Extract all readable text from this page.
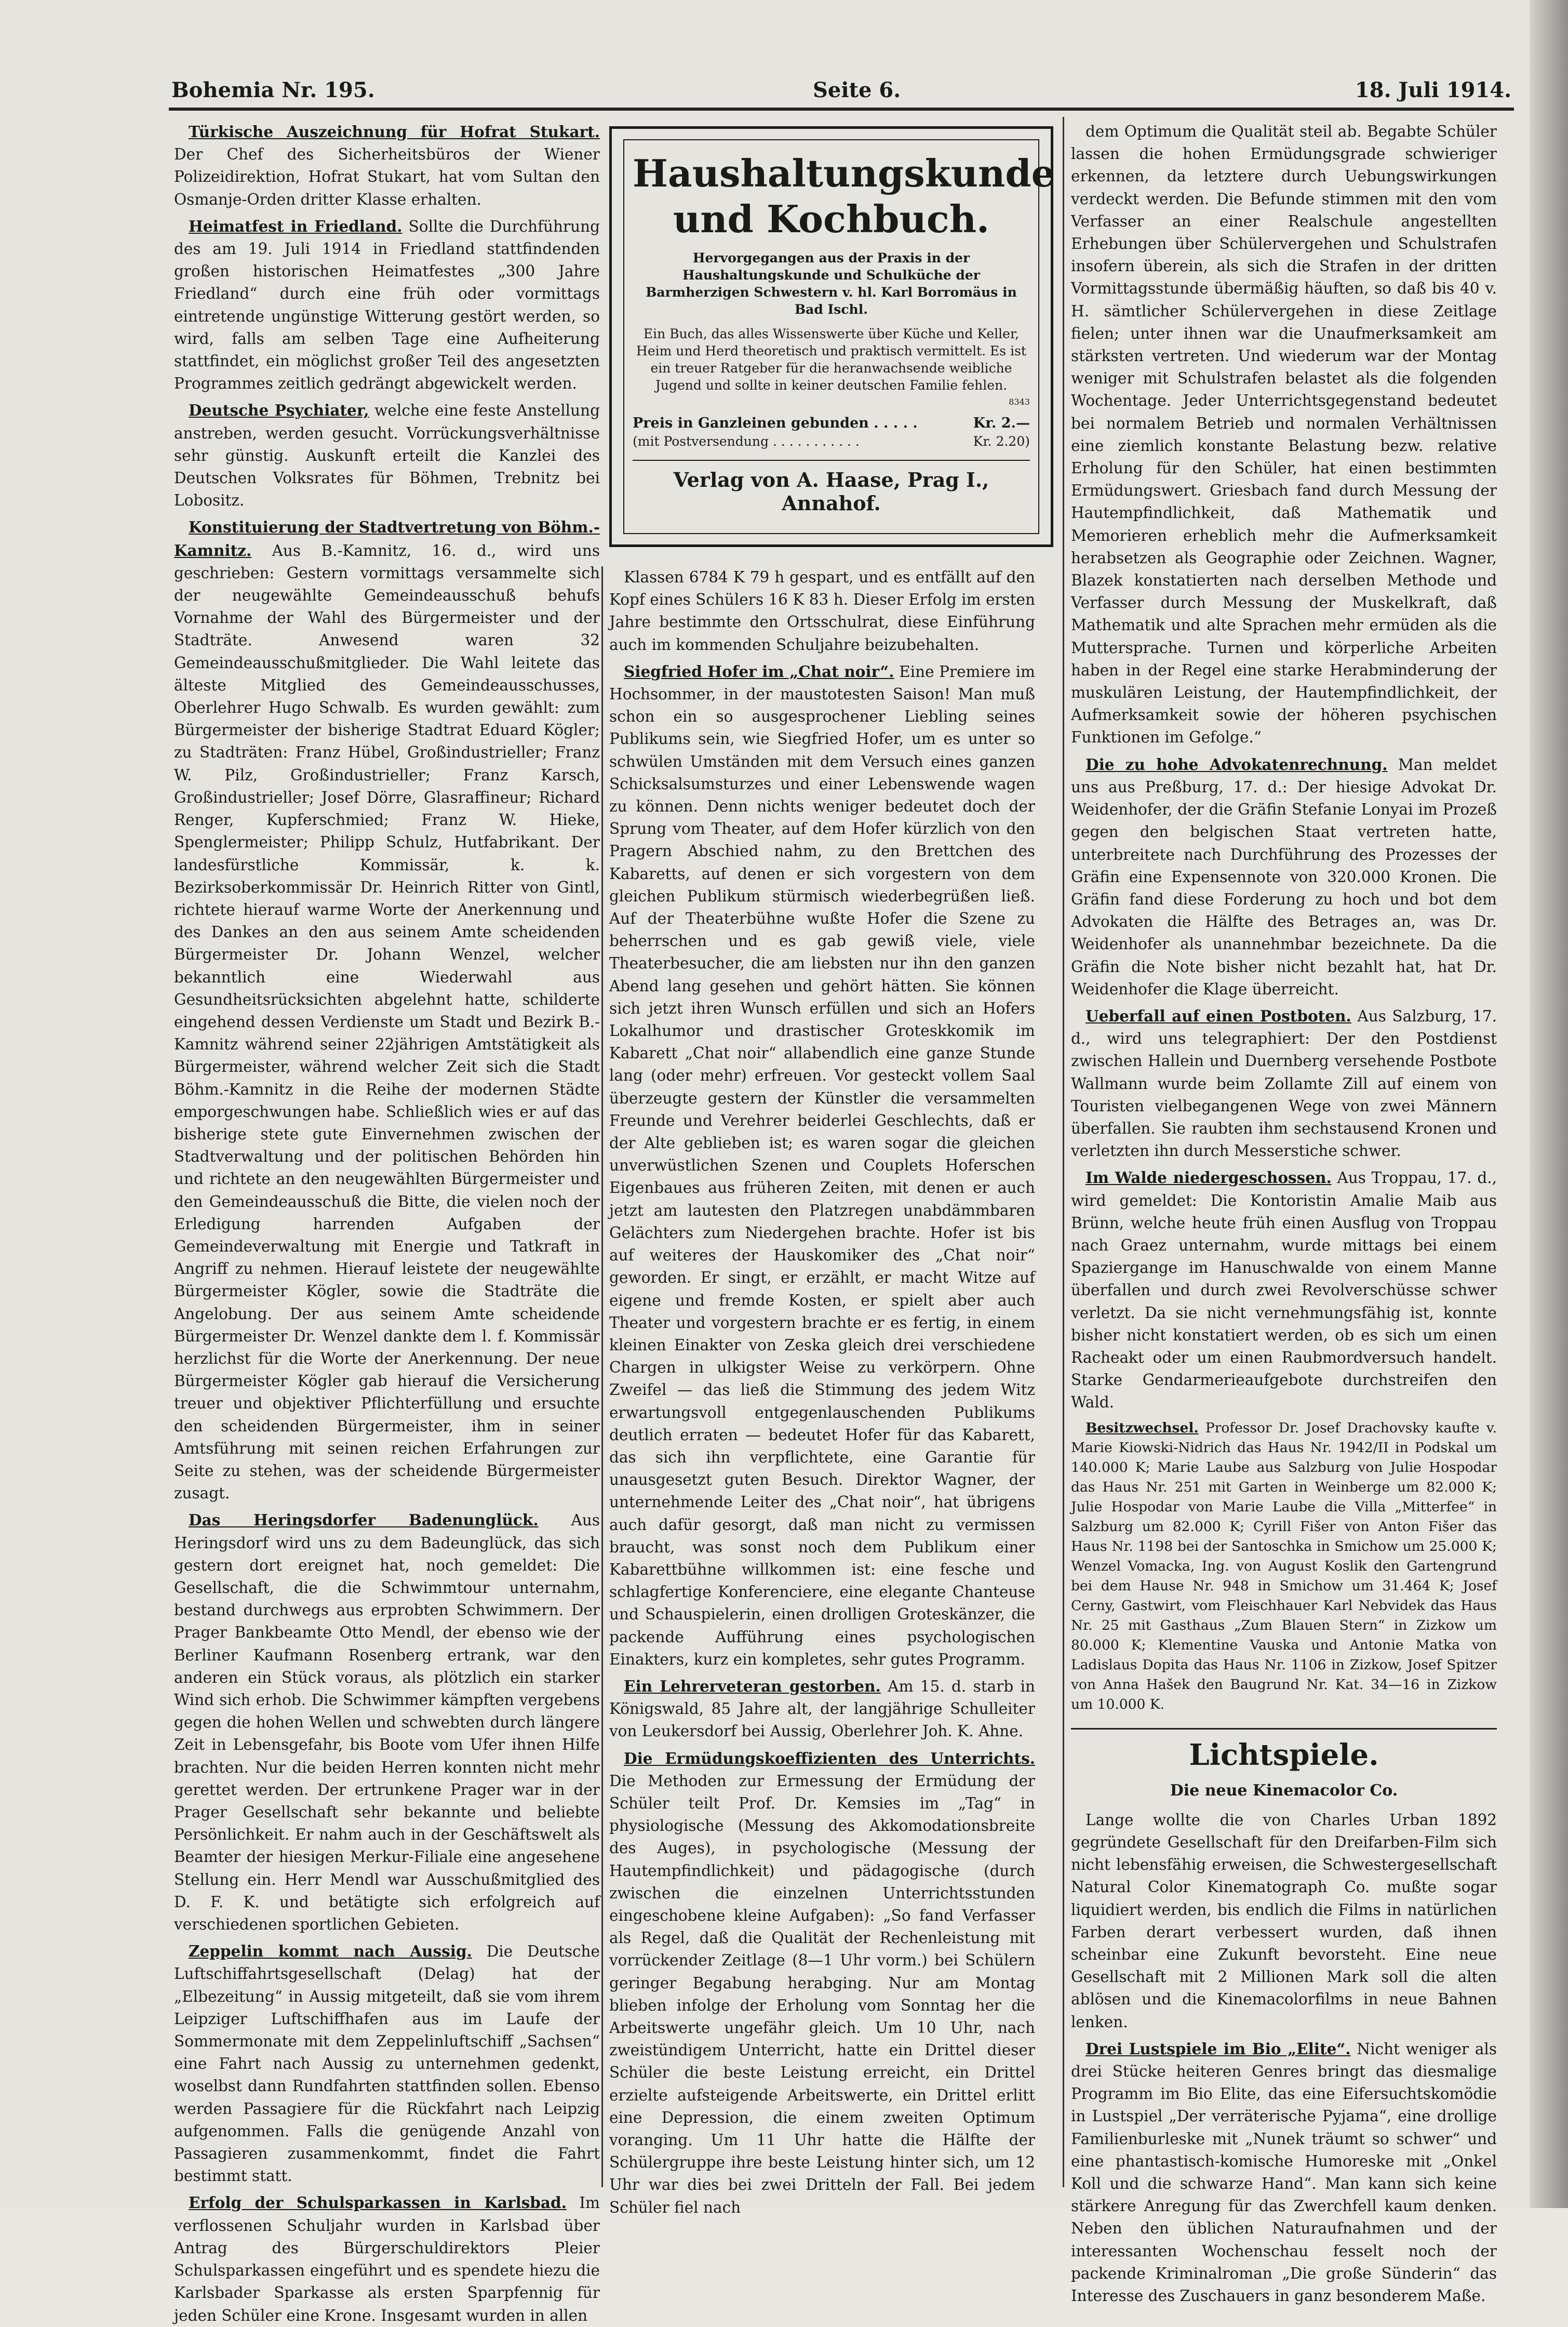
Bohemia Nr. 195.	Seite 6.	18. Juli 1914.

Türkische Auszeichnung für Hofrat Stukart. Der Chef des Sicherheitsbüros der Wiener Polizeidirektion, Hofrat Stukart, hat vom Sultan den Osmanje-Orden dritter Klasse erhalten.

Heimatfest in Friedland. Sollte die Durchführung des am 19. Juli 1914 in Friedland stattfindenden großen historischen Heimatfestes „300 Jahre Friedland“ durch eine früh oder vormittags eintretende ungünstige Witterung gestört werden, so wird, falls am selben Tage eine Aufheiterung stattfindet, ein möglichst großer Teil des angesetzten Programmes zeitlich gedrängt abgewickelt werden.

Deutsche Psychiater, welche eine feste Anstellung anstreben, werden gesucht. Vorrückungsverhältnisse sehr günstig. Auskunft erteilt die Kanzlei des Deutschen Volksrates für Böhmen, Trebnitz bei Lobositz.

Konstituierung der Stadtvertretung von Böhm.-Kamnitz. Aus B.-Kamnitz, 16. d., wird uns geschrieben: Gestern vormittags versammelte sich der neugewählte Gemeindeausschuß behufs Vornahme der Wahl des Bürgermeister und der Stadträte. Anwesend waren 32 Gemeindeausschußmitglieder. Die Wahl leitete das älteste Mitglied des Gemeindeausschusses, Oberlehrer Hugo Schwalb. Es wurden gewählt: zum Bürgermeister der bisherige Stadtrat Eduard Kögler; zu Stadträten: Franz Hübel, Großindustrieller; Franz W. Pilz, Großindustrieller; Franz Karsch, Großindustrieller; Josef Dörre, Glasraffineur; Richard Renger, Kupferschmied; Franz W. Hieke, Spenglermeister; Philipp Schulz, Hutfabrikant. Der landesfürstliche Kommissär, k. k. Bezirksoberkommissär Dr. Heinrich Ritter von Gintl, richtete hierauf warme Worte der Anerkennung und des Dankes an den aus seinem Amte scheidenden Bürgermeister Dr. Johann Wenzel, welcher bekanntlich eine Wiederwahl aus Gesundheitsrücksichten abgelehnt hatte, schilderte eingehend dessen Verdienste um Stadt und Bezirk B.-Kamnitz während seiner 22jährigen Amtstätigkeit als Bürgermeister, während welcher Zeit sich die Stadt Böhm.-Kamnitz in die Reihe der modernen Städte emporgeschwungen habe. Schließlich wies er auf das bisherige stete gute Einvernehmen zwischen der Stadtverwaltung und der politischen Behörden hin und richtete an den neugewählten Bürgermeister und den Gemeindeausschuß die Bitte, die vielen noch der Erledigung harrenden Aufgaben der Gemeindeverwaltung mit Energie und Tatkraft in Angriff zu nehmen. Hierauf leistete der neugewählte Bürgermeister Kögler, sowie die Stadträte die Angelobung. Der aus seinem Amte scheidende Bürgermeister Dr. Wenzel dankte dem l. f. Kommissär herzlichst für die Worte der Anerkennung. Der neue Bürgermeister Kögler gab hierauf die Versicherung treuer und objektiver Pflichterfüllung und ersuchte den scheidenden Bürgermeister, ihm in seiner Amtsführung mit seinen reichen Erfahrungen zur Seite zu stehen, was der scheidende Bürgermeister zusagt.

Das Heringsdorfer Badenunglück. Aus Heringsdorf wird uns zu dem Badeunglück, das sich gestern dort ereignet hat, noch gemeldet: Die Gesellschaft, die die Schwimmtour unternahm, bestand durchwegs aus erprobten Schwimmern. Der Prager Bankbeamte Otto Mendl, der ebenso wie der Berliner Kaufmann Rosenberg ertrank, war den anderen ein Stück voraus, als plötzlich ein starker Wind sich erhob. Die Schwimmer kämpften vergebens gegen die hohen Wellen und schwebten durch längere Zeit in Lebensgefahr, bis Boote vom Ufer ihnen Hilfe brachten. Nur die beiden Herren konnten nicht mehr gerettet werden. Der ertrunkene Prager war in der Prager Gesellschaft sehr bekannte und beliebte Persönlichkeit. Er nahm auch in der Geschäftswelt als Beamter der hiesigen Merkur-Filiale eine angesehene Stellung ein. Herr Mendl war Ausschußmitglied des D. F. K. und betätigte sich erfolgreich auf verschiedenen sportlichen Gebieten.

Zeppelin kommt nach Aussig. Die Deutsche Luftschiffahrtsgesellschaft (Delag) hat der „Elbezeitung“ in Aussig mitgeteilt, daß sie vom ihrem Leipziger Luftschiffhafen aus im Laufe der Sommermonate mit dem Zeppelinluftschiff „Sachsen“ eine Fahrt nach Aussig zu unternehmen gedenkt, woselbst dann Rundfahrten stattfinden sollen. Ebenso werden Passagiere für die Rückfahrt nach Leipzig aufgenommen. Falls die genügende Anzahl von Passagieren zusammenkommt, findet die Fahrt bestimmt statt.

Erfolg der Schulsparkassen in Karlsbad. Im verflossenen Schuljahr wurden in Karlsbad über Antrag des Bürgerschuldirektors Pleier Schulsparkassen eingeführt und es spendete hiezu die Karlsbader Sparkasse als ersten Sparpfennig für jeden Schüler eine Krone. Insgesamt wurden in allen

Haushaltungskunde und Kochbuch.
Hervorgegangen aus der Praxis in der Haushaltungskunde und Schulküche der Barmherzigen Schwestern v. hl. Karl Borromäus in Bad Ischl.
Ein Buch, das alles Wissenswerte über Küche und Keller, Heim und Herd theoretisch und praktisch vermittelt. Es ist ein treuer Ratgeber für die heranwachsende weibliche Jugend und sollte in keiner deutschen Familie fehlen.
8343
Preis in Ganzleinen gebunden . . . . .	Kr. 2.—
(mit Postversendung . . . . . . . . . . .	Kr. 2.20)
Verlag von A. Haase, Prag I., Annahof.

Klassen 6784 K 79 h gespart, und es entfällt auf den Kopf eines Schülers 16 K 83 h. Dieser Erfolg im ersten Jahre bestimmte den Ortsschulrat, diese Einführung auch im kommenden Schuljahre beizubehalten.

Siegfried Hofer im „Chat noir“. Eine Premiere im Hochsommer, in der maustotesten Saison! Man muß schon ein so ausgesprochener Liebling seines Publikums sein, wie Siegfried Hofer, um es unter so schwülen Umständen mit dem Versuch eines ganzen Schicksalsumsturzes und einer Lebenswende wagen zu können. Denn nichts weniger bedeutet doch der Sprung vom Theater, auf dem Hofer kürzlich von den Pragern Abschied nahm, zu den Brettchen des Kabaretts, auf denen er sich vorgestern von dem gleichen Publikum stürmisch wiederbegrüßen ließ. Auf der Theaterbühne wußte Hofer die Szene zu beherrschen und es gab gewiß viele, viele Theaterbesucher, die am liebsten nur ihn den ganzen Abend lang gesehen und gehört hätten. Sie können sich jetzt ihren Wunsch erfüllen und sich an Hofers Lokalhumor und drastischer Groteskkomik im Kabarett „Chat noir“ allabendlich eine ganze Stunde lang (oder mehr) erfreuen. Vor gesteckt vollem Saal überzeugte gestern der Künstler die versammelten Freunde und Verehrer beiderlei Geschlechts, daß er der Alte geblieben ist; es waren sogar die gleichen unverwüstlichen Szenen und Couplets Hoferschen Eigenbaues aus früheren Zeiten, mit denen er auch jetzt am lautesten den Platzregen unabdämmbaren Gelächters zum Niedergehen brachte. Hofer ist bis auf weiteres der Hauskomiker des „Chat noir“ geworden. Er singt, er erzählt, er macht Witze auf eigene und fremde Kosten, er spielt aber auch Theater und vorgestern brachte er es fertig, in einem kleinen Einakter von Zeska gleich drei verschiedene Chargen in ulkigster Weise zu verkörpern. Ohne Zweifel — das ließ die Stimmung des jedem Witz erwartungsvoll entgegenlauschenden Publikums deutlich erraten — bedeutet Hofer für das Kabarett, das sich ihn verpflichtete, eine Garantie für unausgesetzt guten Besuch. Direktor Wagner, der unternehmende Leiter des „Chat noir“, hat übrigens auch dafür gesorgt, daß man nicht zu vermissen braucht, was sonst noch dem Publikum einer Kabarettbühne willkommen ist: eine fesche und schlagfertige Konferenciere, eine elegante Chanteuse und Schauspielerin, einen drolligen Groteskänzer, die packende Aufführung eines psychologischen Einakters, kurz ein kompletes, sehr gutes Programm.

Ein Lehrerveteran gestorben. Am 15. d. starb in Königswald, 85 Jahre alt, der langjährige Schulleiter von Leukersdorf bei Aussig, Oberlehrer Joh. K. Ahne.

Die Ermüdungskoeffizienten des Unterrichts. Die Methoden zur Ermessung der Ermüdung der Schüler teilt Prof. Dr. Kemsies im „Tag“ in physiologische (Messung des Akkomodationsbreite des Auges), in psychologische (Messung der Hautempfindlichkeit) und pädagogische (durch zwischen die einzelnen Unterrichtsstunden eingeschobene kleine Aufgaben): „So fand Verfasser als Regel, daß die Qualität der Rechenleistung mit vorrückender Zeitlage (8—1 Uhr vorm.) bei Schülern geringer Begabung herabging. Nur am Montag blieben infolge der Erholung vom Sonntag her die Arbeitswerte ungefähr gleich. Um 10 Uhr, nach zweistündigem Unterricht, hatte ein Drittel dieser Schüler die beste Leistung erreicht, ein Drittel erzielte aufsteigende Arbeitswerte, ein Drittel erlitt eine Depression, die einem zweiten Optimum voranging. Um 11 Uhr hatte die Hälfte der Schülergruppe ihre beste Leistung hinter sich, um 12 Uhr war dies bei zwei Dritteln der Fall. Bei jedem Schüler fiel nach

dem Optimum die Qualität steil ab. Begabte Schüler lassen die hohen Ermüdungsgrade schwieriger erkennen, da letztere durch Uebungswirkungen verdeckt werden. Die Befunde stimmen mit den vom Verfasser an einer Realschule angestellten Erhebungen über Schülervergehen und Schulstrafen insofern überein, als sich die Strafen in der dritten Vormittagsstunde übermäßig häuften, so daß bis 40 v. H. sämtlicher Schülervergehen in diese Zeitlage fielen; unter ihnen war die Unaufmerksamkeit am stärksten vertreten. Und wiederum war der Montag weniger mit Schulstrafen belastet als die folgenden Wochentage. Jeder Unterrichtsgegenstand bedeutet bei normalem Betrieb und normalen Verhältnissen eine ziemlich konstante Belastung bezw. relative Erholung für den Schüler, hat einen bestimmten Ermüdungswert. Griesbach fand durch Messung der Hautempfindlichkeit, daß Mathematik und Memorieren erheblich mehr die Aufmerksamkeit herabsetzen als Geographie oder Zeichnen. Wagner, Blazek konstatierten nach derselben Methode und Verfasser durch Messung der Muskelkraft, daß Mathematik und alte Sprachen mehr ermüden als die Muttersprache. Turnen und körperliche Arbeiten haben in der Regel eine starke Herabminderung der muskulären Leistung, der Hautempfindlichkeit, der Aufmerksamkeit sowie der höheren psychischen Funktionen im Gefolge.“

Die zu hohe Advokatenrechnung. Man meldet uns aus Preßburg, 17. d.: Der hiesige Advokat Dr. Weidenhofer, der die Gräfin Stefanie Lonyai im Prozeß gegen den belgischen Staat vertreten hatte, unterbreitete nach Durchführung des Prozesses der Gräfin eine Expensennote von 320.000 Kronen. Die Gräfin fand diese Forderung zu hoch und bot dem Advokaten die Hälfte des Betrages an, was Dr. Weidenhofer als unannehmbar bezeichnete. Da die Gräfin die Note bisher nicht bezahlt hat, hat Dr. Weidenhofer die Klage überreicht.

Ueberfall auf einen Postboten. Aus Salzburg, 17. d., wird uns telegraphiert: Der den Postdienst zwischen Hallein und Duernberg versehende Postbote Wallmann wurde beim Zollamte Zill auf einem von Touristen vielbegangenen Wege von zwei Männern überfallen. Sie raubten ihm sechstausend Kronen und verletzten ihn durch Messerstiche schwer.

Im Walde niedergeschossen. Aus Troppau, 17. d., wird gemeldet: Die Kontoristin Amalie Maib aus Brünn, welche heute früh einen Ausflug von Troppau nach Graez unternahm, wurde mittags bei einem Spaziergange im Hanuschwalde von einem Manne überfallen und durch zwei Revolverschüsse schwer verletzt. Da sie nicht vernehmungsfähig ist, konnte bisher nicht konstatiert werden, ob es sich um einen Racheakt oder um einen Raubmordversuch handelt. Starke Gendarmerieaufgebote durchstreifen den Wald.

Besitzwechsel. Professor Dr. Josef Drachovsky kaufte v. Marie Kiowski-Nidrich das Haus Nr. 1942/II in Podskal um 140.000 K; Marie Laube aus Salzburg von Julie Hospodar das Haus Nr. 251 mit Garten in Weinberge um 82.000 K; Julie Hospodar von Marie Laube die Villa „Mitterfee“ in Salzburg um 82.000 K; Cyrill Fišer von Anton Fišer das Haus Nr. 1198 bei der Santoschka in Smichow um 25.000 K; Wenzel Vomacka, Ing. von August Koslik den Gartengrund bei dem Hause Nr. 948 in Smichow um 31.464 K; Josef Cerny, Gastwirt, vom Fleischhauer Karl Nebvidek das Haus Nr. 25 mit Gasthaus „Zum Blauen Stern“ in Zizkow um 80.000 K; Klementine Vauska und Antonie Matka von Ladislaus Dopita das Haus Nr. 1106 in Zizkow, Josef Spitzer von Anna Hašek den Baugrund Nr. Kat. 34—16 in Zizkow um 10.000 K.

Lichtspiele.
Die neue Kinemacolor Co.

Lange wollte die von Charles Urban 1892 gegründete Gesellschaft für den Dreifarben-Film sich nicht lebensfähig erweisen, die Schwestergesellschaft Natural Color Kinematograph Co. mußte sogar liquidiert werden, bis endlich die Films in natürlichen Farben derart verbessert wurden, daß ihnen scheinbar eine Zukunft bevorsteht. Eine neue Gesellschaft mit 2 Millionen Mark soll die alten ablösen und die Kinemacolorfilms in neue Bahnen lenken.

Drei Lustspiele im Bio „Elite“. Nicht weniger als drei Stücke heiteren Genres bringt das diesmalige Programm im Bio Elite, das eine Eifersuchtskomödie in Lustspiel „Der verräterische Pyjama“, eine drollige Familienburleske mit „Nunek träumt so schwer“ und eine phantastisch-komische Humoreske mit „Onkel Koll und die schwarze Hand“. Man kann sich keine stärkere Anregung für das Zwerchfell kaum denken. Neben den üblichen Naturaufnahmen und der interessanten Wochenschau fesselt noch der packende Kriminalroman „Die große Sünderin“ das Interesse des Zuschauers in ganz besonderem Maße.
